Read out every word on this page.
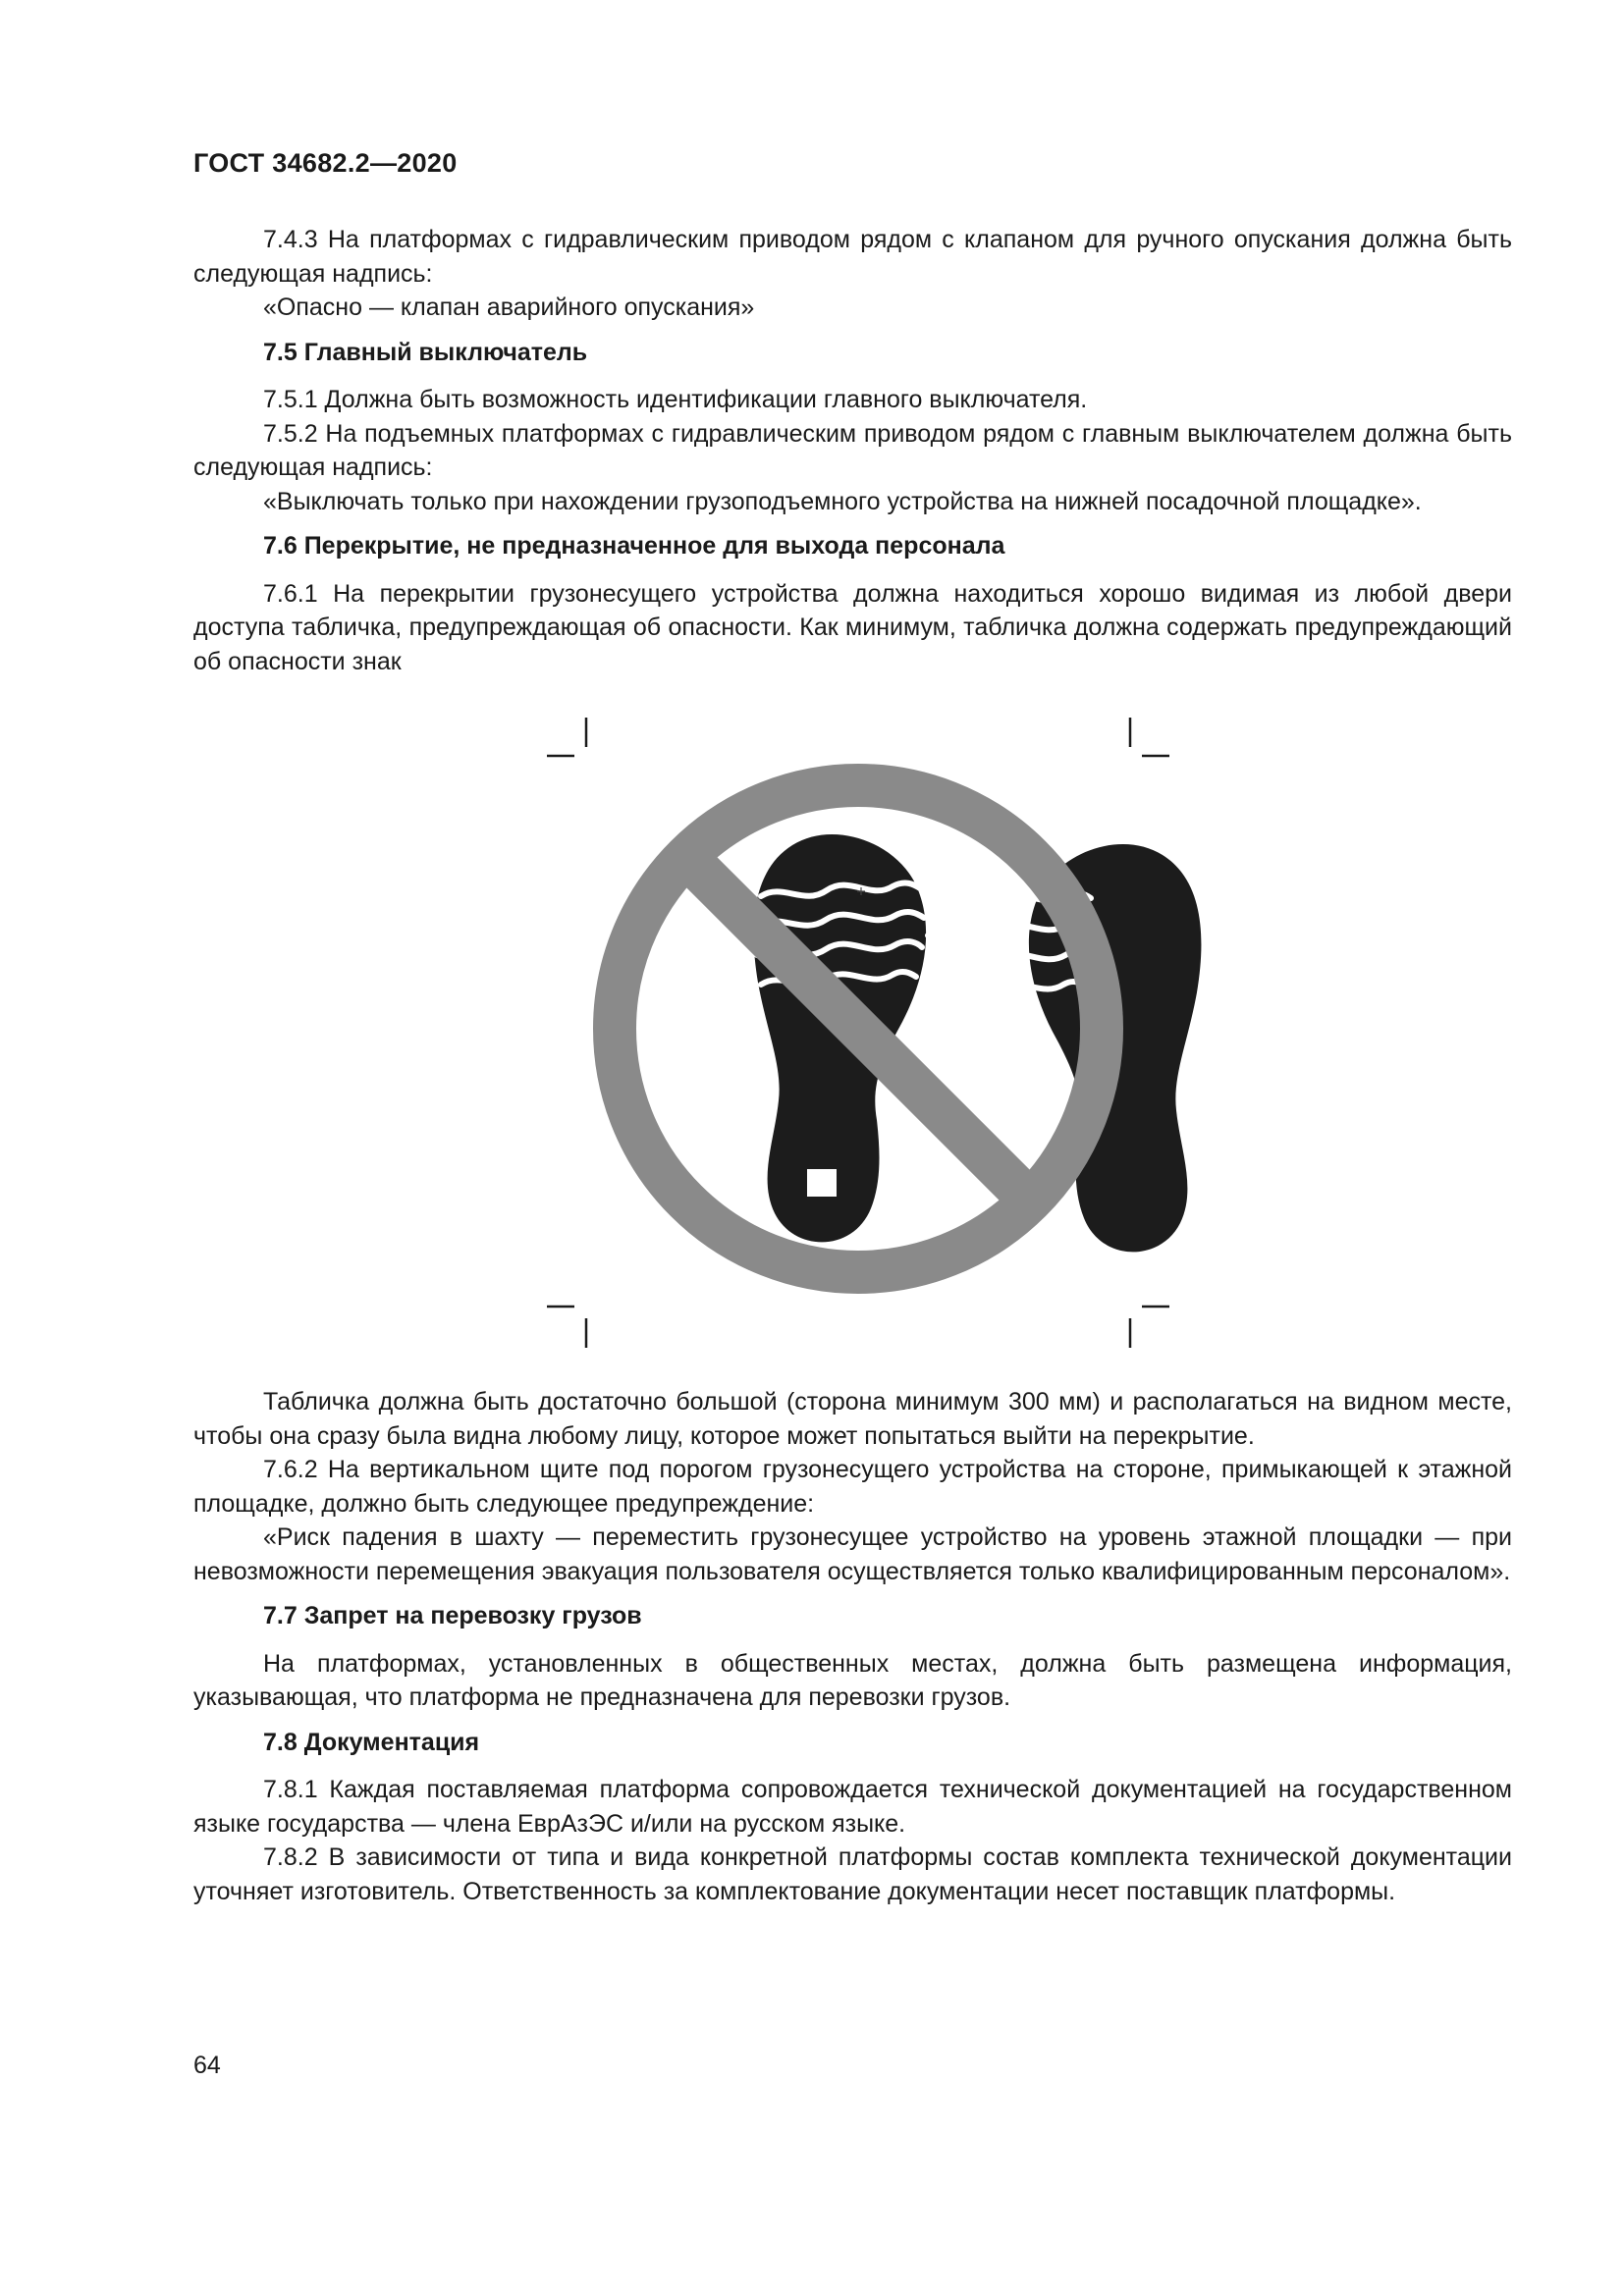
ГОСТ 34682.2—2020

7.4.3 На платформах с гидравлическим приводом рядом с клапаном для ручного опускания должна быть следующая надпись:

«Опасно — клапан аварийного опускания»

7.5 Главный выключатель

7.5.1 Должна быть возможность идентификации главного выключателя.

7.5.2 На подъемных платформах с гидравлическим приводом рядом с главным выключателем должна быть следующая надпись:

«Выключать только при нахождении грузоподъемного устройства на нижней посадочной площадке».

7.6 Перекрытие, не предназначенное для выхода персонала

7.6.1 На перекрытии грузонесущего устройства должна находиться хорошо видимая из любой двери доступа табличка, предупреждающая об опасности. Как минимум, табличка должна содержать предупреждающий об опасности знак

Табличка должна быть достаточно большой (сторона минимум 300 мм) и располагаться на видном месте, чтобы она сразу была видна любому лицу, которое может попытаться выйти на перекрытие.

7.6.2 На вертикальном щите под порогом грузонесущего устройства на стороне, примыкающей к этажной площадке, должно быть следующее предупреждение:

«Риск падения в шахту — переместить грузонесущее устройство на уровень этажной площадки — при невозможности перемещения эвакуация пользователя осуществляется только квалифицированным персоналом».

7.7 Запрет на перевозку грузов

На платформах, установленных в общественных местах, должна быть размещена информация, указывающая, что платформа не предназначена для перевозки грузов.

7.8 Документация

7.8.1 Каждая поставляемая платформа сопровождается технической документацией на государственном языке государства — члена ЕврАзЭС и/или на русском языке.

7.8.2 В зависимости от типа и вида конкретной платформы состав комплекта технической документации уточняет изготовитель. Ответственность за комплектование документации несет поставщик платформы.

64
